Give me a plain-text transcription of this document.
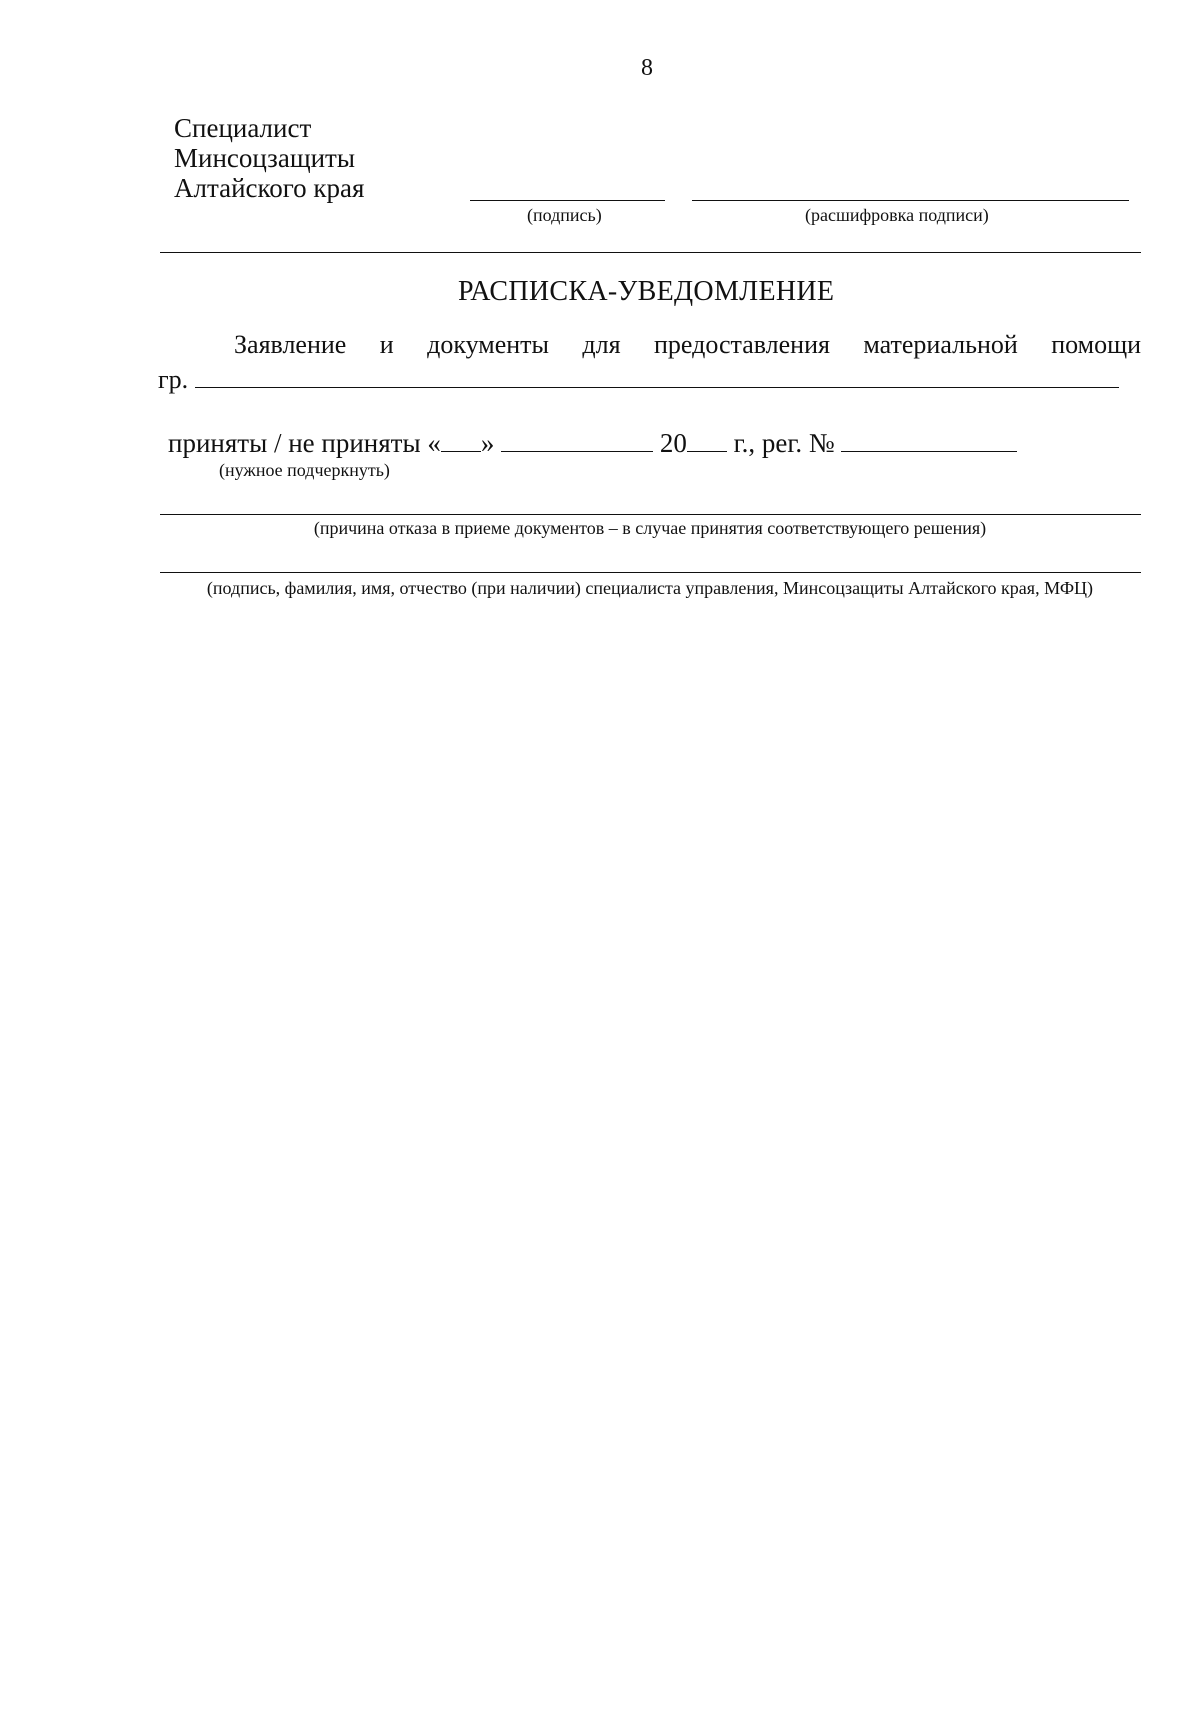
8
Специалист
Минсоцзащиты
Алтайского края
(подпись)	(расшифровка подписи)
РАСПИСКА-УВЕДОМЛЕНИЕ
Заявление и документы для предоставления материальной помощи
гр.
приняты / не приняты « »	20 г., рег. №
(нужное подчеркнуть)
(причина отказа в приеме документов – в случае принятия соответствующего решения)
(подпись, фамилия, имя, отчество (при наличии) специалиста управления, Минсоцзащиты Алтайского края, МФЦ)
